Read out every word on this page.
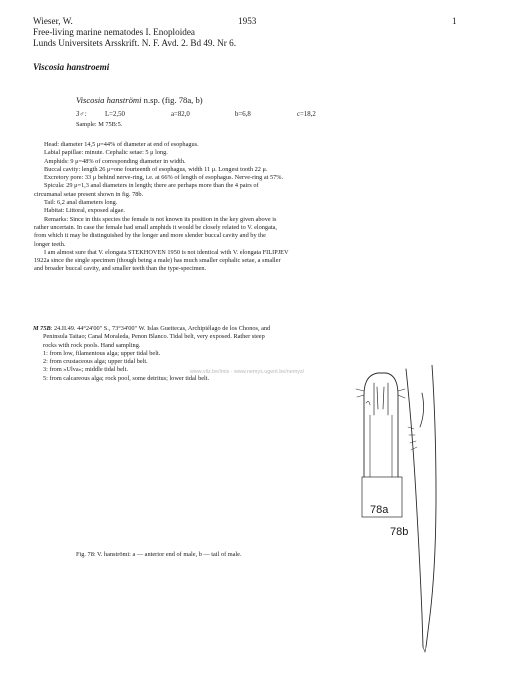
Wieser, W.	1953	1
Free-living marine nematodes I. Enoploidea
Lunds Universitets Arsskrift. N. F. Avd. 2. Bd 49. Nr 6.
Viscosia hanstroemi
Viscosia hanströmi n.sp. (fig. 78a, b)
3♂:	L=2,50	a=82,0	b=6,8	c=18,2
Sample: M 75B:5.
Head: diameter 14,5 μ=44% of diameter at end of esophagus.
Labial papillae: minute. Cephalic setae: 5 μ long.
Amphids: 9 μ=48% of corresponding diameter in width.
Buccal cavity: length 26 μ=one fourteenth of esophagus, width 11 μ. Longest tooth 22 μ.
Excretory pore: 33 μ behind nerve-ring, i.e. at 66% of length of esophagus. Nerve-ring at 57%.
Spicula: 29 μ=1,3 anal diameters in length; there are perhaps more than the 4 pairs of
circumanal setae present shown in fig. 78b.
Tail: 6,2 anal diameters long.
Habitat: Littoral, exposed algae.
Remarks: Since in this species the female is not known its position in the key given above is
rather uncertain. In case the female had small amphids it would be closely related to V. elongata,
from which it may be distinguished by the longer and more slender buccal cavity and by the
longer teeth.
I am almost sure that V. elongata STEKHOVEN 1950 is not identical with V. elongata FILIPJEV
1922a since the single specimen (though being a male) has much smaller cephalic setae, a smaller
and broader buccal cavity, and smaller teeth than the type-specimen.
M 75B: 24.II.49. 44°24'00" S., 73°34'00" W. Islas Gueitecas, Archipiélago de los Chonos, and
Peninsula Taitao; Canal Moraleda, Penon Blanco. Tidal belt, very exposed. Rather steep
rocks with rock pools. Hand sampling.
1: from low, filamentous alga; upper tidal belt.
2: from crustaceous alga; upper tidal belt.
3: from »Ulva«; middle tidal belt.
5: from calcareous alga; rock pool, some detritus; lower tidal belt.
www.vliz.be/imis · www.nemys.ugent.be/nemys/
78a
78b
Fig. 78: V. hanströmi: a — anterior end of male, b — tail of male.
